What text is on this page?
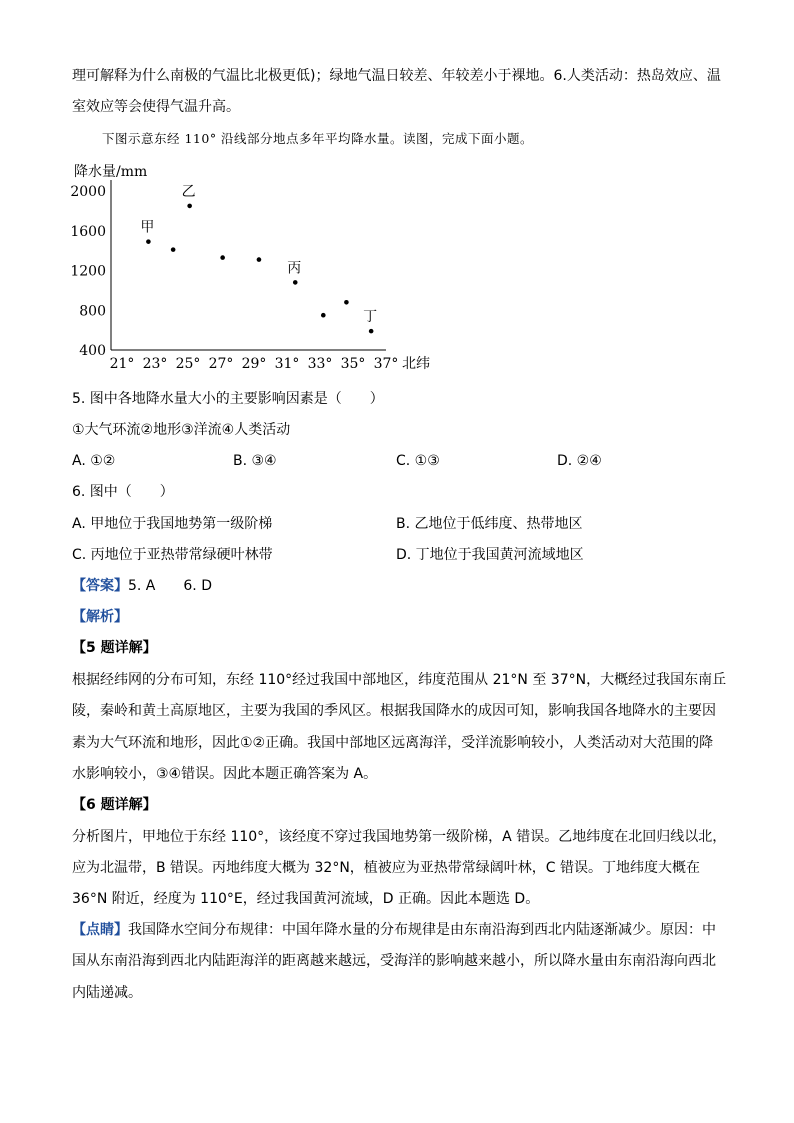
理可解释为什么南极的气温比北极更低)；绿地气温日较差、年较差小于裸地。6.人类活动：热岛效应、温
室效应等会使得气温升高。
下图示意东经 110° 沿线部分地点多年平均降水量。读图，完成下面小题。
降水量/mm
400
800
1200
1600
2000
21° 23° 25° 27° 29° 31° 33° 35° 37°
甲
乙
丙
丁
北纬
5. 图中各地降水量大小的主要影响因素是（　　）
①大气环流②地形③洋流④人类活动
A. ①②	B. ③④	C. ①③	D. ②④
6. 图中（　　）
A. 甲地位于我国地势第一级阶梯	B. 乙地位于低纬度、热带地区
C. 丙地位于亚热带常绿硬叶林带	D. 丁地位于我国黄河流域地区
【答案】5. A　　6. D
【解析】
【5 题详解】
根据经纬网的分布可知，东经 110°经过我国中部地区，纬度范围从 21°N 至 37°N，大概经过我国东南丘
陵，秦岭和黄土高原地区，主要为我国的季风区。根据我国降水的成因可知，影响我国各地降水的主要因
素为大气环流和地形，因此①②正确。我国中部地区远离海洋，受洋流影响较小，人类活动对大范围的降
水影响较小，③④错误。因此本题正确答案为 A。
【6 题详解】
分析图片，甲地位于东经 110°，该经度不穿过我国地势第一级阶梯，A 错误。乙地纬度在北回归线以北，
应为北温带，B 错误。丙地纬度大概为 32°N，植被应为亚热带常绿阔叶林，C 错误。丁地纬度大概在
36°N 附近，经度为 110°E，经过我国黄河流域，D 正确。因此本题选 D。
【点睛】我国降水空间分布规律：中国年降水量的分布规律是由东南沿海到西北内陆逐渐减少。原因：中
国从东南沿海到西北内陆距海洋的距离越来越远，受海洋的影响越来越小，所以降水量由东南沿海向西北
内陆递减。
